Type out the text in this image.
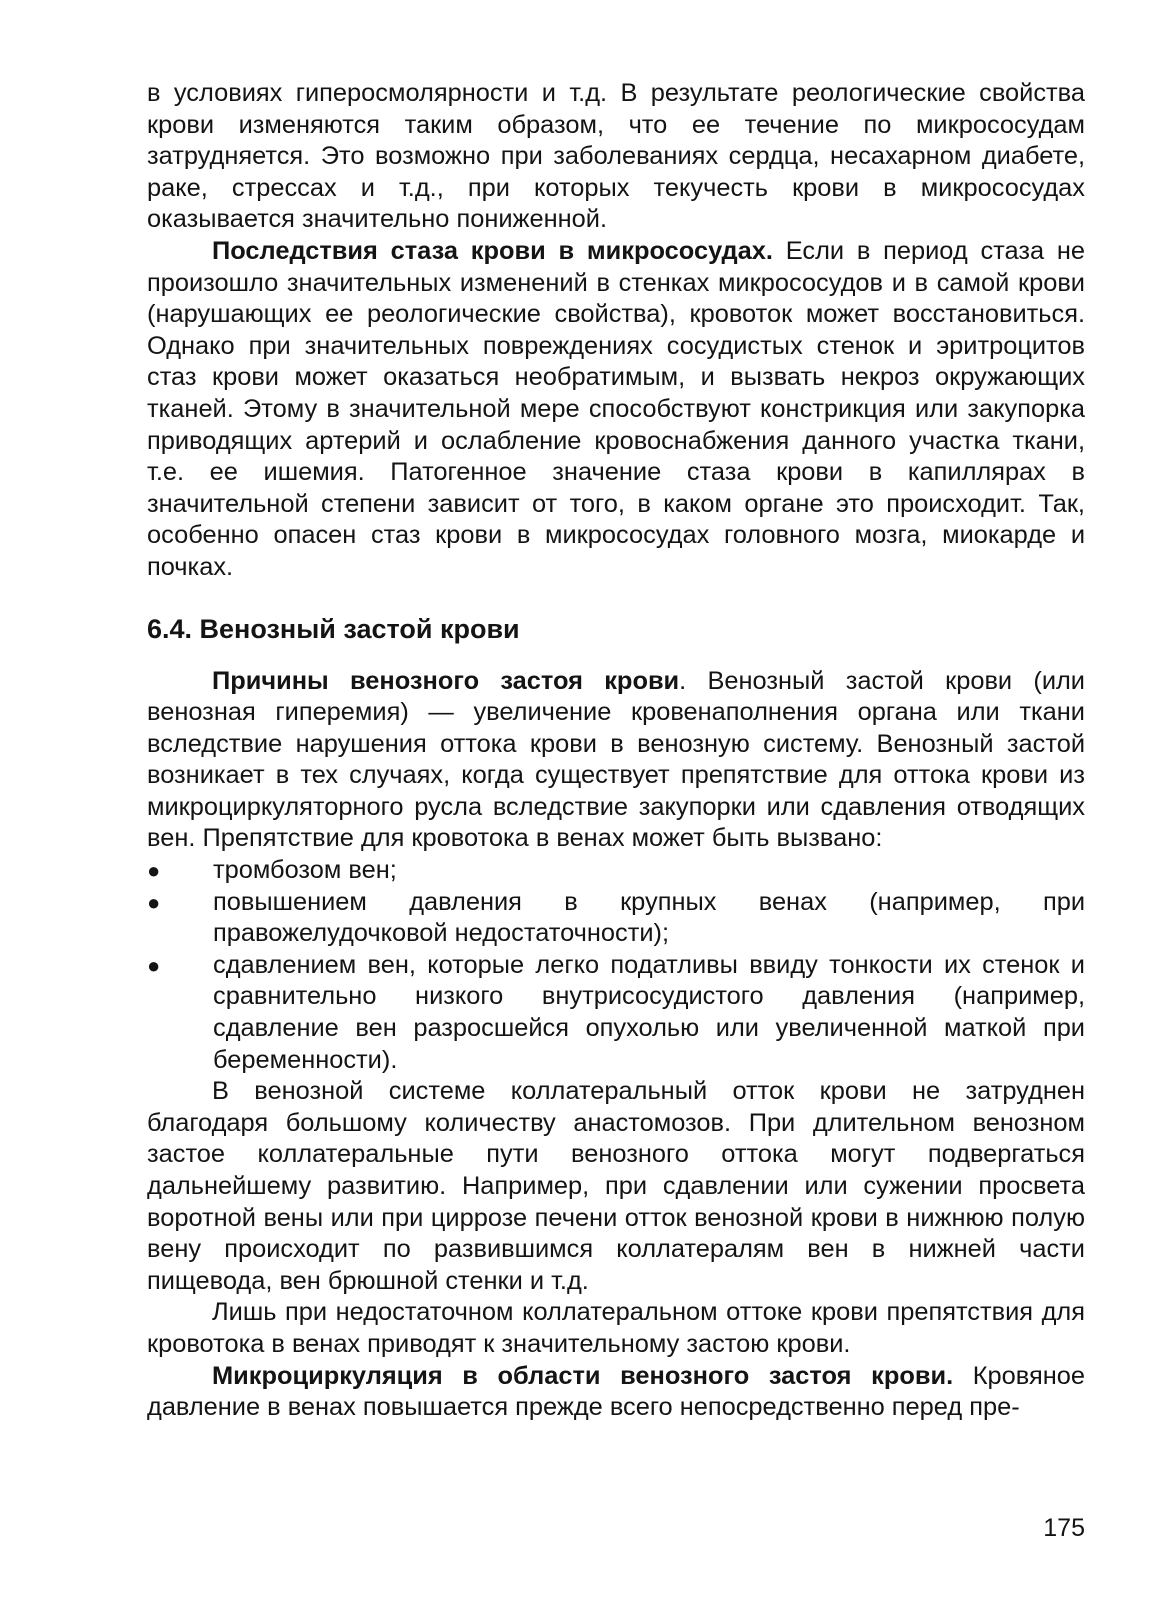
в условиях гиперосмолярности и т.д. В результате реологические свойства крови изменяются таким образом, что ее течение по микрососудам затрудняется. Это возможно при заболеваниях сердца, несахарном диабете, раке, стрессах и т.д., при которых текучесть крови в микрососудах оказывается значительно пониженной.

Последствия стаза крови в микрососудах. Если в период стаза не произошло значительных изменений в стенках микрососудов и в самой крови (нарушающих ее реологические свойства), кровоток может восстановиться. Однако при значительных повреждениях сосудистых стенок и эритроцитов стаз крови может оказаться необратимым, и вызвать некроз окружающих тканей. Этому в значительной мере способствуют констрикция или закупорка приводящих артерий и ослабление кровоснабжения данного участка ткани, т.е. ее ишемия. Патогенное значение стаза крови в капиллярах в значительной степени зависит от того, в каком органе это происходит. Так, особенно опасен стаз крови в микрососудах головного мозга, миокарде и почках.

6.4. Венозный застой крови

Причины венозного застоя крови. Венозный застой крови (или венозная гиперемия) — увеличение кровенаполнения органа или ткани вследствие нарушения оттока крови в венозную систему. Венозный застой возникает в тех случаях, когда существует препятствие для оттока крови из микроциркуляторного русла вследствие закупорки или сдавления отводящих вен. Препятствие для кровотока в венах может быть вызвано:

● тромбозом вен;
● повышением давления в крупных венах (например, при правожелудочковой недостаточности);
● сдавлением вен, которые легко податливы ввиду тонкости их стенок и сравнительно низкого внутрисосудистого давления (например, сдавление вен разросшейся опухолью или увеличенной маткой при беременности).

В венозной системе коллатеральный отток крови не затруднен благодаря большому количеству анастомозов. При длительном венозном застое коллатеральные пути венозного оттока могут подвергаться дальнейшему развитию. Например, при сдавлении или сужении просвета воротной вены или при циррозе печени отток венозной крови в нижнюю полую вену происходит по развившимся коллатералям вен в нижней части пищевода, вен брюшной стенки и т.д.

Лишь при недостаточном коллатеральном оттоке крови препятствия для кровотока в венах приводят к значительному застою крови.

Микроциркуляция в области венозного застоя крови. Кровяное давление в венах повышается прежде всего непосредственно перед пре-

175
